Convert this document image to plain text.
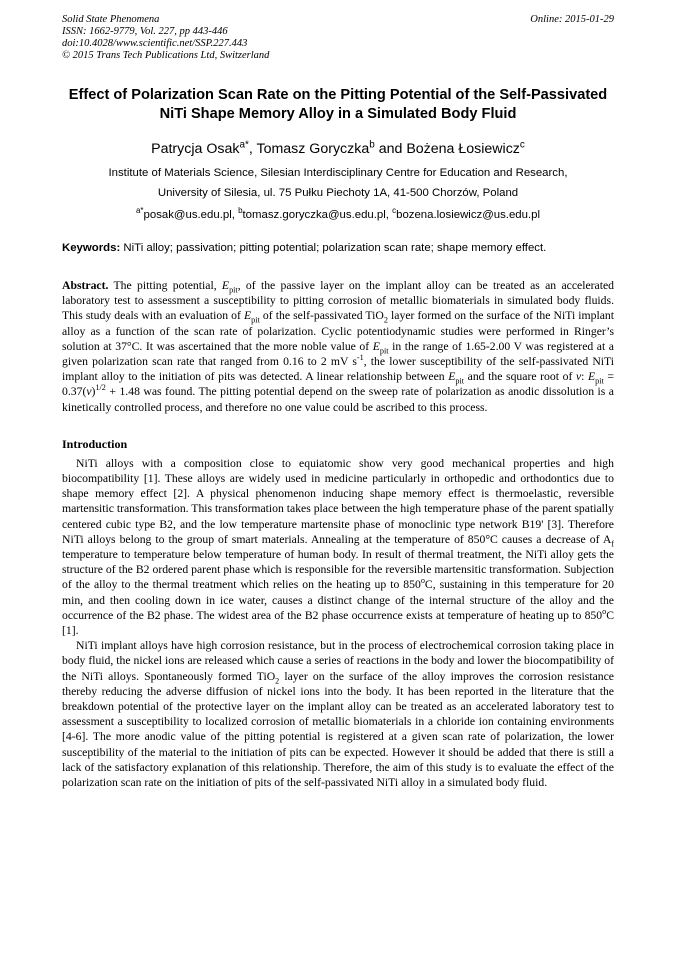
Solid State Phenomena	Online: 2015-01-29
ISSN: 1662-9779, Vol. 227, pp 443-446
doi:10.4028/www.scientific.net/SSP.227.443
© 2015 Trans Tech Publications Ltd, Switzerland
Effect of Polarization Scan Rate on the Pitting Potential of the Self-Passivated NiTi Shape Memory Alloy in a Simulated Body Fluid
Patrycja Osak$^{a*}$, Tomasz Goryczka$^b$ and Bożena Łosiewicz$^c$
Institute of Materials Science, Silesian Interdisciplinary Centre for Education and Research,
University of Silesia, ul. 75 Pułku Piechoty 1A, 41-500 Chorzów, Poland
$^{a*}$posak@us.edu.pl, $^b$tomasz.goryczka@us.edu.pl, $^c$bozena.losiewicz@us.edu.pl
Keywords: NiTi alloy; passivation; pitting potential; polarization scan rate; shape memory effect.
Abstract. The pitting potential, $E_{pit}$, of the passive layer on the implant alloy can be treated as an accelerated laboratory test to assessment a susceptibility to pitting corrosion of metallic biomaterials in simulated body fluids. This study deals with an evaluation of $E_{pit}$ of the self-passivated TiO$_2$ layer formed on the surface of the NiTi implant alloy as a function of the scan rate of polarization. Cyclic potentiodynamic studies were performed in Ringer’s solution at 37°C. It was ascertained that the more noble value of $E_{pit}$ in the range of 1.65-2.00 V was registered at a given polarization scan rate that ranged from 0.16 to 2 mV $s^{-1}$, the lower susceptibility of the self-passivated NiTi implant alloy to the initiation of pits was detected. A linear relationship between $E_{pit}$ and the square root of v: $E_{pit} = 0.37(v)^{1/2} + 1.48$ was found. The pitting potential depend on the sweep rate of polarization as anodic dissolution is a kinetically controlled process, and therefore no one value could be ascribed to this process.
Introduction
NiTi alloys with a composition close to equiatomic show very good mechanical properties and high biocompatibility [1]. These alloys are widely used in medicine particularly in orthopedic and orthodontics due to shape memory effect [2]. A physical phenomenon inducing shape memory effect is thermoelastic, reversible martensitic transformation. This transformation takes place between the high temperature phase of the parent spatially centered cubic type B2, and the low temperature martensite phase of monoclinic type network B19' [3]. Therefore NiTi alloys belong to the group of smart materials. Annealing at the temperature of 850°C causes a decrease of $A_f$ temperature to temperature below temperature of human body. In result of thermal treatment, the NiTi alloy gets the structure of the B2 ordered parent phase which is responsible for the reversible martensitic transformation. Subjection of the alloy to the thermal treatment which relies on the heating up to 850$^o$C, sustaining in this temperature for 20 min, and then cooling down in ice water, causes a distinct change of the internal structure of the alloy and the occurrence of the B2 phase. The widest area of the B2 phase occurrence exists at temperature of heating up to 850$^o$C [1].
NiTi implant alloys have high corrosion resistance, but in the process of electrochemical corrosion taking place in body fluid, the nickel ions are released which cause a series of reactions in the body and lower the biocompatibility of the NiTi alloys. Spontaneously formed TiO$_2$ layer on the surface of the alloy improves the corrosion resistance thereby reducing the adverse diffusion of nickel ions into the body. It has been reported in the literature that the breakdown potential of the protective layer on the implant alloy can be treated as an accelerated laboratory test to assessment a susceptibility to localized corrosion of metallic biomaterials in a chloride ion containing environments [4-6]. The more anodic value of the pitting potential is registered at a given scan rate of polarization, the lower susceptibility of the material to the initiation of pits can be expected. However it should be added that there is still a lack of the satisfactory explanation of this relationship. Therefore, the aim of this study is to evaluate the effect of the polarization scan rate on the initiation of pits of the self-passivated NiTi alloy in a simulated body fluid.
